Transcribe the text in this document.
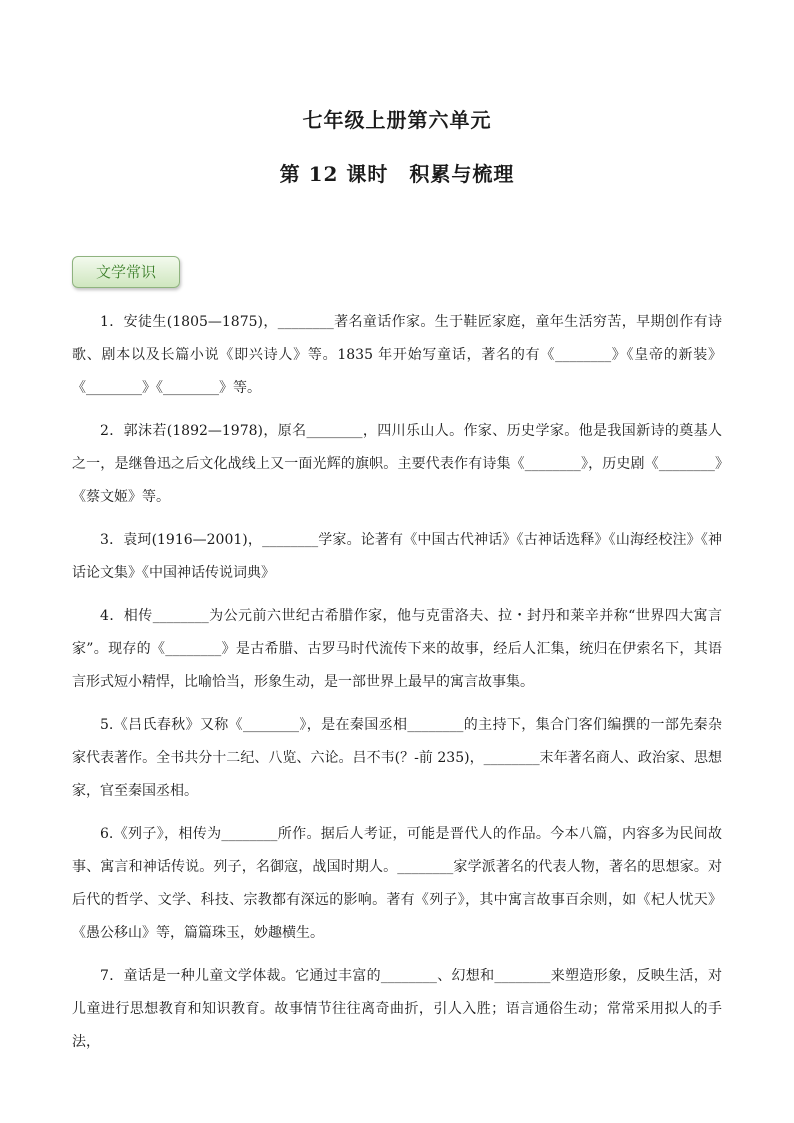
七年级上册第六单元
第 12 课时　积累与梳理
文学常识

1．安徒生(1805—1875)，________著名童话作家。生于鞋匠家庭，童年生活穷苦，早期创作有诗歌、剧本以及长篇小说《即兴诗人》等。1835 年开始写童话，著名的有《________》《皇帝的新装》《________》《________》等。

2．郭沫若(1892—1978)，原名________，四川乐山人。作家、历史学家。他是我国新诗的奠基人之一，是继鲁迅之后文化战线上又一面光辉的旗帜。主要代表作有诗集《________》，历史剧《________》《蔡文姬》等。

3．袁珂(1916—2001)，________学家。论著有《中国古代神话》《古神话选释》《山海经校注》《神话论文集》《中国神话传说词典》

4．相传________为公元前六世纪古希腊作家，他与克雷洛夫、拉・封丹和莱辛并称“世界四大寓言家”。现存的《________》是古希腊、古罗马时代流传下来的故事，经后人汇集，统归在伊索名下，其语言形式短小精悍，比喻恰当，形象生动，是一部世界上最早的寓言故事集。

5.《吕氏春秋》又称《________》，是在秦国丞相________的主持下，集合门客们编撰的一部先秦杂家代表著作。全书共分十二纪、八览、六论。吕不韦(？-前 235)，________末年著名商人、政治家、思想家，官至秦国丞相。

6.《列子》，相传为________所作。据后人考证，可能是晋代人的作品。今本八篇，内容多为民间故事、寓言和神话传说。列子，名御寇，战国时期人。________家学派著名的代表人物，著名的思想家。对后代的哲学、文学、科技、宗教都有深远的影响。著有《列子》，其中寓言故事百余则，如《杞人忧天》《愚公移山》等，篇篇珠玉，妙趣横生。

7．童话是一种儿童文学体裁。它通过丰富的________、幻想和________来塑造形象，反映生活，对儿童进行思想教育和知识教育。故事情节往往离奇曲折，引人入胜；语言通俗生动；常常采用拟人的手法，
